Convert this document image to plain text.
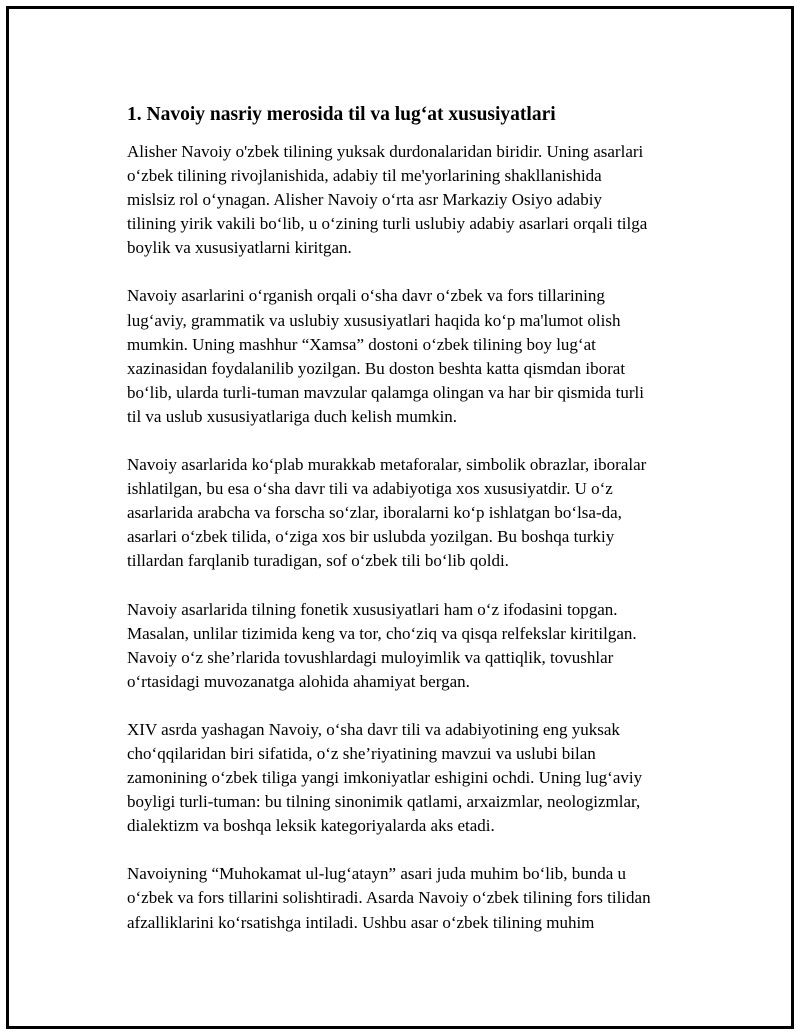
1. Navoiy nasriy merosida til va lug‘at xususiyatlari

Alisher Navoiy o'zbek tilining yuksak durdonalaridan biridir. Uning asarlari
o‘zbek tilining rivojlanishida, adabiy til me'yorlarining shakllanishida
mislsiz rol o‘ynagan. Alisher Navoiy o‘rta asr Markaziy Osiyo adabiy
tilining yirik vakili bo‘lib, u o‘zining turli uslubiy adabiy asarlari orqali tilga
boylik va xususiyatlarni kiritgan.

Navoiy asarlarini o‘rganish orqali o‘sha davr o‘zbek va fors tillarining
lug‘aviy, grammatik va uslubiy xususiyatlari haqida ko‘p ma'lumot olish
mumkin. Uning mashhur “Xamsa” dostoni o‘zbek tilining boy lug‘at
xazinasidan foydalanilib yozilgan. Bu doston beshta katta qismdan iborat
bo‘lib, ularda turli-tuman mavzular qalamga olingan va har bir qismida turli
til va uslub xususiyatlariga duch kelish mumkin.

Navoiy asarlarida ko‘plab murakkab metaforalar, simbolik obrazlar, iboralar
ishlatilgan, bu esa o‘sha davr tili va adabiyotiga xos xususiyatdir. U o‘z
asarlarida arabcha va forscha so‘zlar, iboralarni ko‘p ishlatgan bo‘lsa-da,
asarlari o‘zbek tilida, o‘ziga xos bir uslubda yozilgan. Bu boshqa turkiy
tillardan farqlanib turadigan, sof o‘zbek tili bo‘lib qoldi.

Navoiy asarlarida tilning fonetik xususiyatlari ham o‘z ifodasini topgan.
Masalan, unlilar tizimida keng va tor, cho‘ziq va qisqa relfekslar kiritilgan.
Navoiy o‘z she’rlarida tovushlardagi muloyimlik va qattiqlik, tovushlar
o‘rtasidagi muvozanatga alohida ahamiyat bergan.

XIV asrda yashagan Navoiy, o‘sha davr tili va adabiyotining eng yuksak
cho‘qqilaridan biri sifatida, o‘z she’riyatining mavzui va uslubi bilan
zamonining o‘zbek tiliga yangi imkoniyatlar eshigini ochdi. Uning lug‘aviy
boyligi turli-tuman: bu tilning sinonimik qatlami, arxaizmlar, neologizmlar,
dialektizm va boshqa leksik kategoriyalarda aks etadi.

Navoiyning “Muhokamat ul-lug‘atayn” asari juda muhim bo‘lib, bunda u
o‘zbek va fors tillarini solishtiradi. Asarda Navoiy o‘zbek tilining fors tilidan
afzalliklarini ko‘rsatishga intiladi. Ushbu asar o‘zbek tilining muhim
